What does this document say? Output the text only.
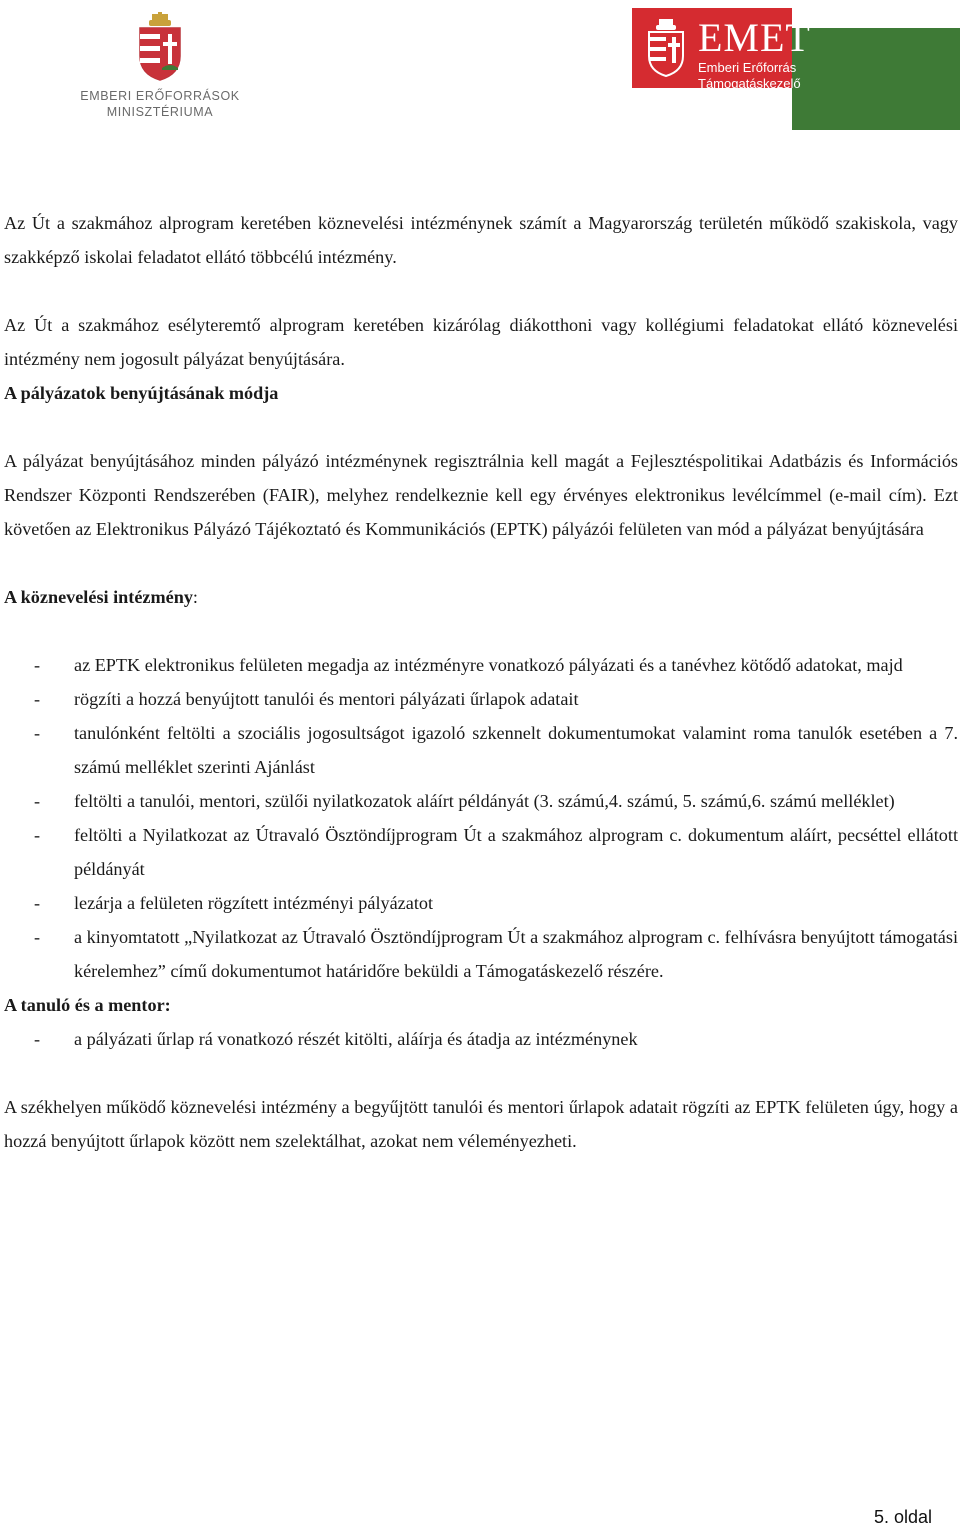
EMBERI ERŐFORRÁSOK
MINISZTÉRIUMA
EMET
Emberi Erőforrás
Támogatáskezelő

Az Út a szakmához alprogram keretében köznevelési intézménynek számít a Magyarország területén működő szakiskola, vagy szakképző iskolai feladatot ellátó többcélú intézmény.

Az Út a szakmához esélyteremtő alprogram keretében kizárólag diákotthoni vagy kollégiumi feladatokat ellátó köznevelési intézmény nem jogosult pályázat benyújtására.

A pályázatok benyújtásának módja

A pályázat benyújtásához minden pályázó intézménynek regisztrálnia kell magát a Fejlesztéspolitikai Adatbázis és Információs Rendszer Központi Rendszerében (FAIR), melyhez rendelkeznie kell egy érvényes elektronikus levélcímmel (e-mail cím). Ezt követően az Elektronikus Pályázó Tájékoztató és Kommunikációs (EPTK) pályázói felületen van mód a pályázat benyújtására

A köznevelési intézmény:

- az EPTK elektronikus felületen megadja az intézményre vonatkozó pályázati és a tanévhez kötődő adatokat, majd
- rögzíti a hozzá benyújtott tanulói és mentori pályázati űrlapok adatait
- tanulónként feltölti a szociális jogosultságot igazoló szkennelt dokumentumokat valamint roma tanulók esetében a 7. számú melléklet szerinti Ajánlást
- feltölti a tanulói, mentori, szülői nyilatkozatok aláírt példányát (3. számú,4. számú, 5. számú,6. számú melléklet)
- feltölti a Nyilatkozat az Útravaló Ösztöndíjprogram Út a szakmához alprogram c. dokumentum aláírt, pecséttel ellátott példányát
- lezárja a felületen rögzített intézményi pályázatot
- a kinyomtatott „Nyilatkozat az Útravaló Ösztöndíjprogram Út a szakmához alprogram c. felhívásra benyújtott támogatási kérelemhez” című dokumentumot határidőre beküldi a Támogatáskezelő részére.

A tanuló és a mentor:

- a pályázati űrlap rá vonatkozó részét kitölti, aláírja és átadja az intézménynek

A székhelyen működő köznevelési intézmény a begyűjtött tanulói és mentori űrlapok adatait rögzíti az EPTK felületen úgy, hogy a hozzá benyújtott űrlapok között nem szelektálhat, azokat nem véleményezheti.

5. oldal
